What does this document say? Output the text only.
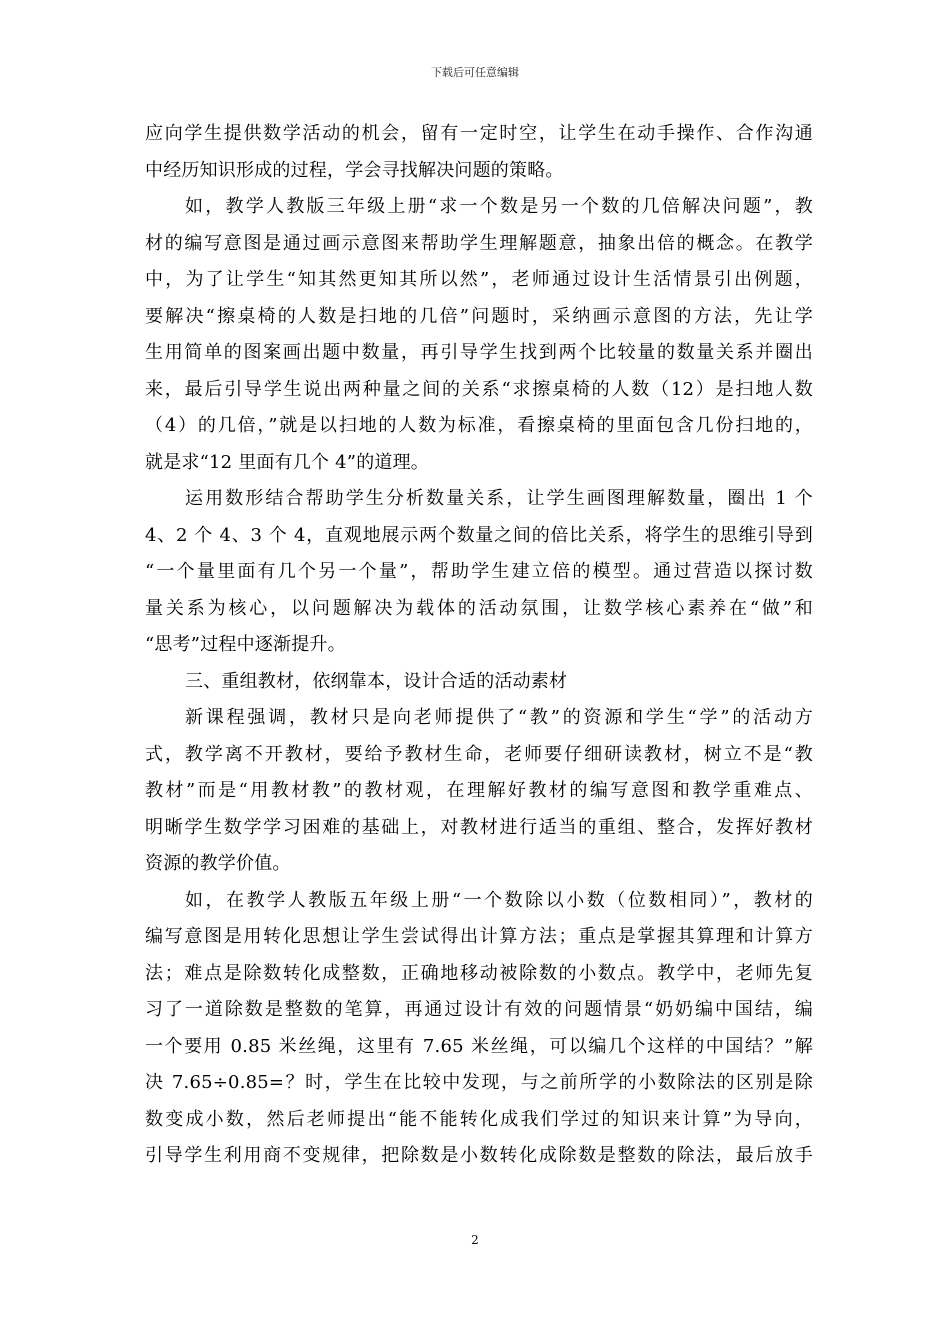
下载后可任意编辑
应向学生提供数学活动的机会，留有一定时空，让学生在动手操作、合作沟通
中经历知识形成的过程，学会寻找解决问题的策略。
如，教学人教版三年级上册“求一个数是另一个数的几倍解决问题”，教
材的编写意图是通过画示意图来帮助学生理解题意，抽象出倍的概念。在教学
中，为了让学生“知其然更知其所以然”，老师通过设计生活情景引出例题，
要解决“擦桌椅的人数是扫地的几倍”问题时，采纳画示意图的方法，先让学
生用简单的图案画出题中数量，再引导学生找到两个比较量的数量关系并圈出
来，最后引导学生说出两种量之间的关系“求擦桌椅的人数（12）是扫地人数
（4）的几倍，”就是以扫地的人数为标准，看擦桌椅的里面包含几份扫地的，
就是求“12 里面有几个 4”的道理。
运用数形结合帮助学生分析数量关系，让学生画图理解数量，圈出 1 个
4、2 个 4、3 个 4，直观地展示两个数量之间的倍比关系，将学生的思维引导到
“一个量里面有几个另一个量”，帮助学生建立倍的模型。通过营造以探讨数
量关系为核心，以问题解决为载体的活动氛围，让数学核心素养在“做”和
“思考”过程中逐渐提升。
三、重组教材，依纲靠本，设计合适的活动素材
新课程强调，教材只是向老师提供了“教”的资源和学生“学”的活动方
式，教学离不开教材，要给予教材生命，老师要仔细研读教材，树立不是“教
教材”而是“用教材教”的教材观，在理解好教材的编写意图和教学重难点、
明晰学生数学学习困难的基础上，对教材进行适当的重组、整合，发挥好教材
资源的教学价值。
如，在教学人教版五年级上册“一个数除以小数（位数相同）”，教材的
编写意图是用转化思想让学生尝试得出计算方法；重点是掌握其算理和计算方
法；难点是除数转化成整数，正确地移动被除数的小数点。教学中，老师先复
习了一道除数是整数的笔算，再通过设计有效的问题情景“奶奶编中国结，编
一个要用 0.85 米丝绳，这里有 7.65 米丝绳，可以编几个这样的中国结？”解
决 7.65÷0.85=？时，学生在比较中发现，与之前所学的小数除法的区别是除
数变成小数，然后老师提出“能不能转化成我们学过的知识来计算”为导向，
引导学生利用商不变规律，把除数是小数转化成除数是整数的除法，最后放手
2
